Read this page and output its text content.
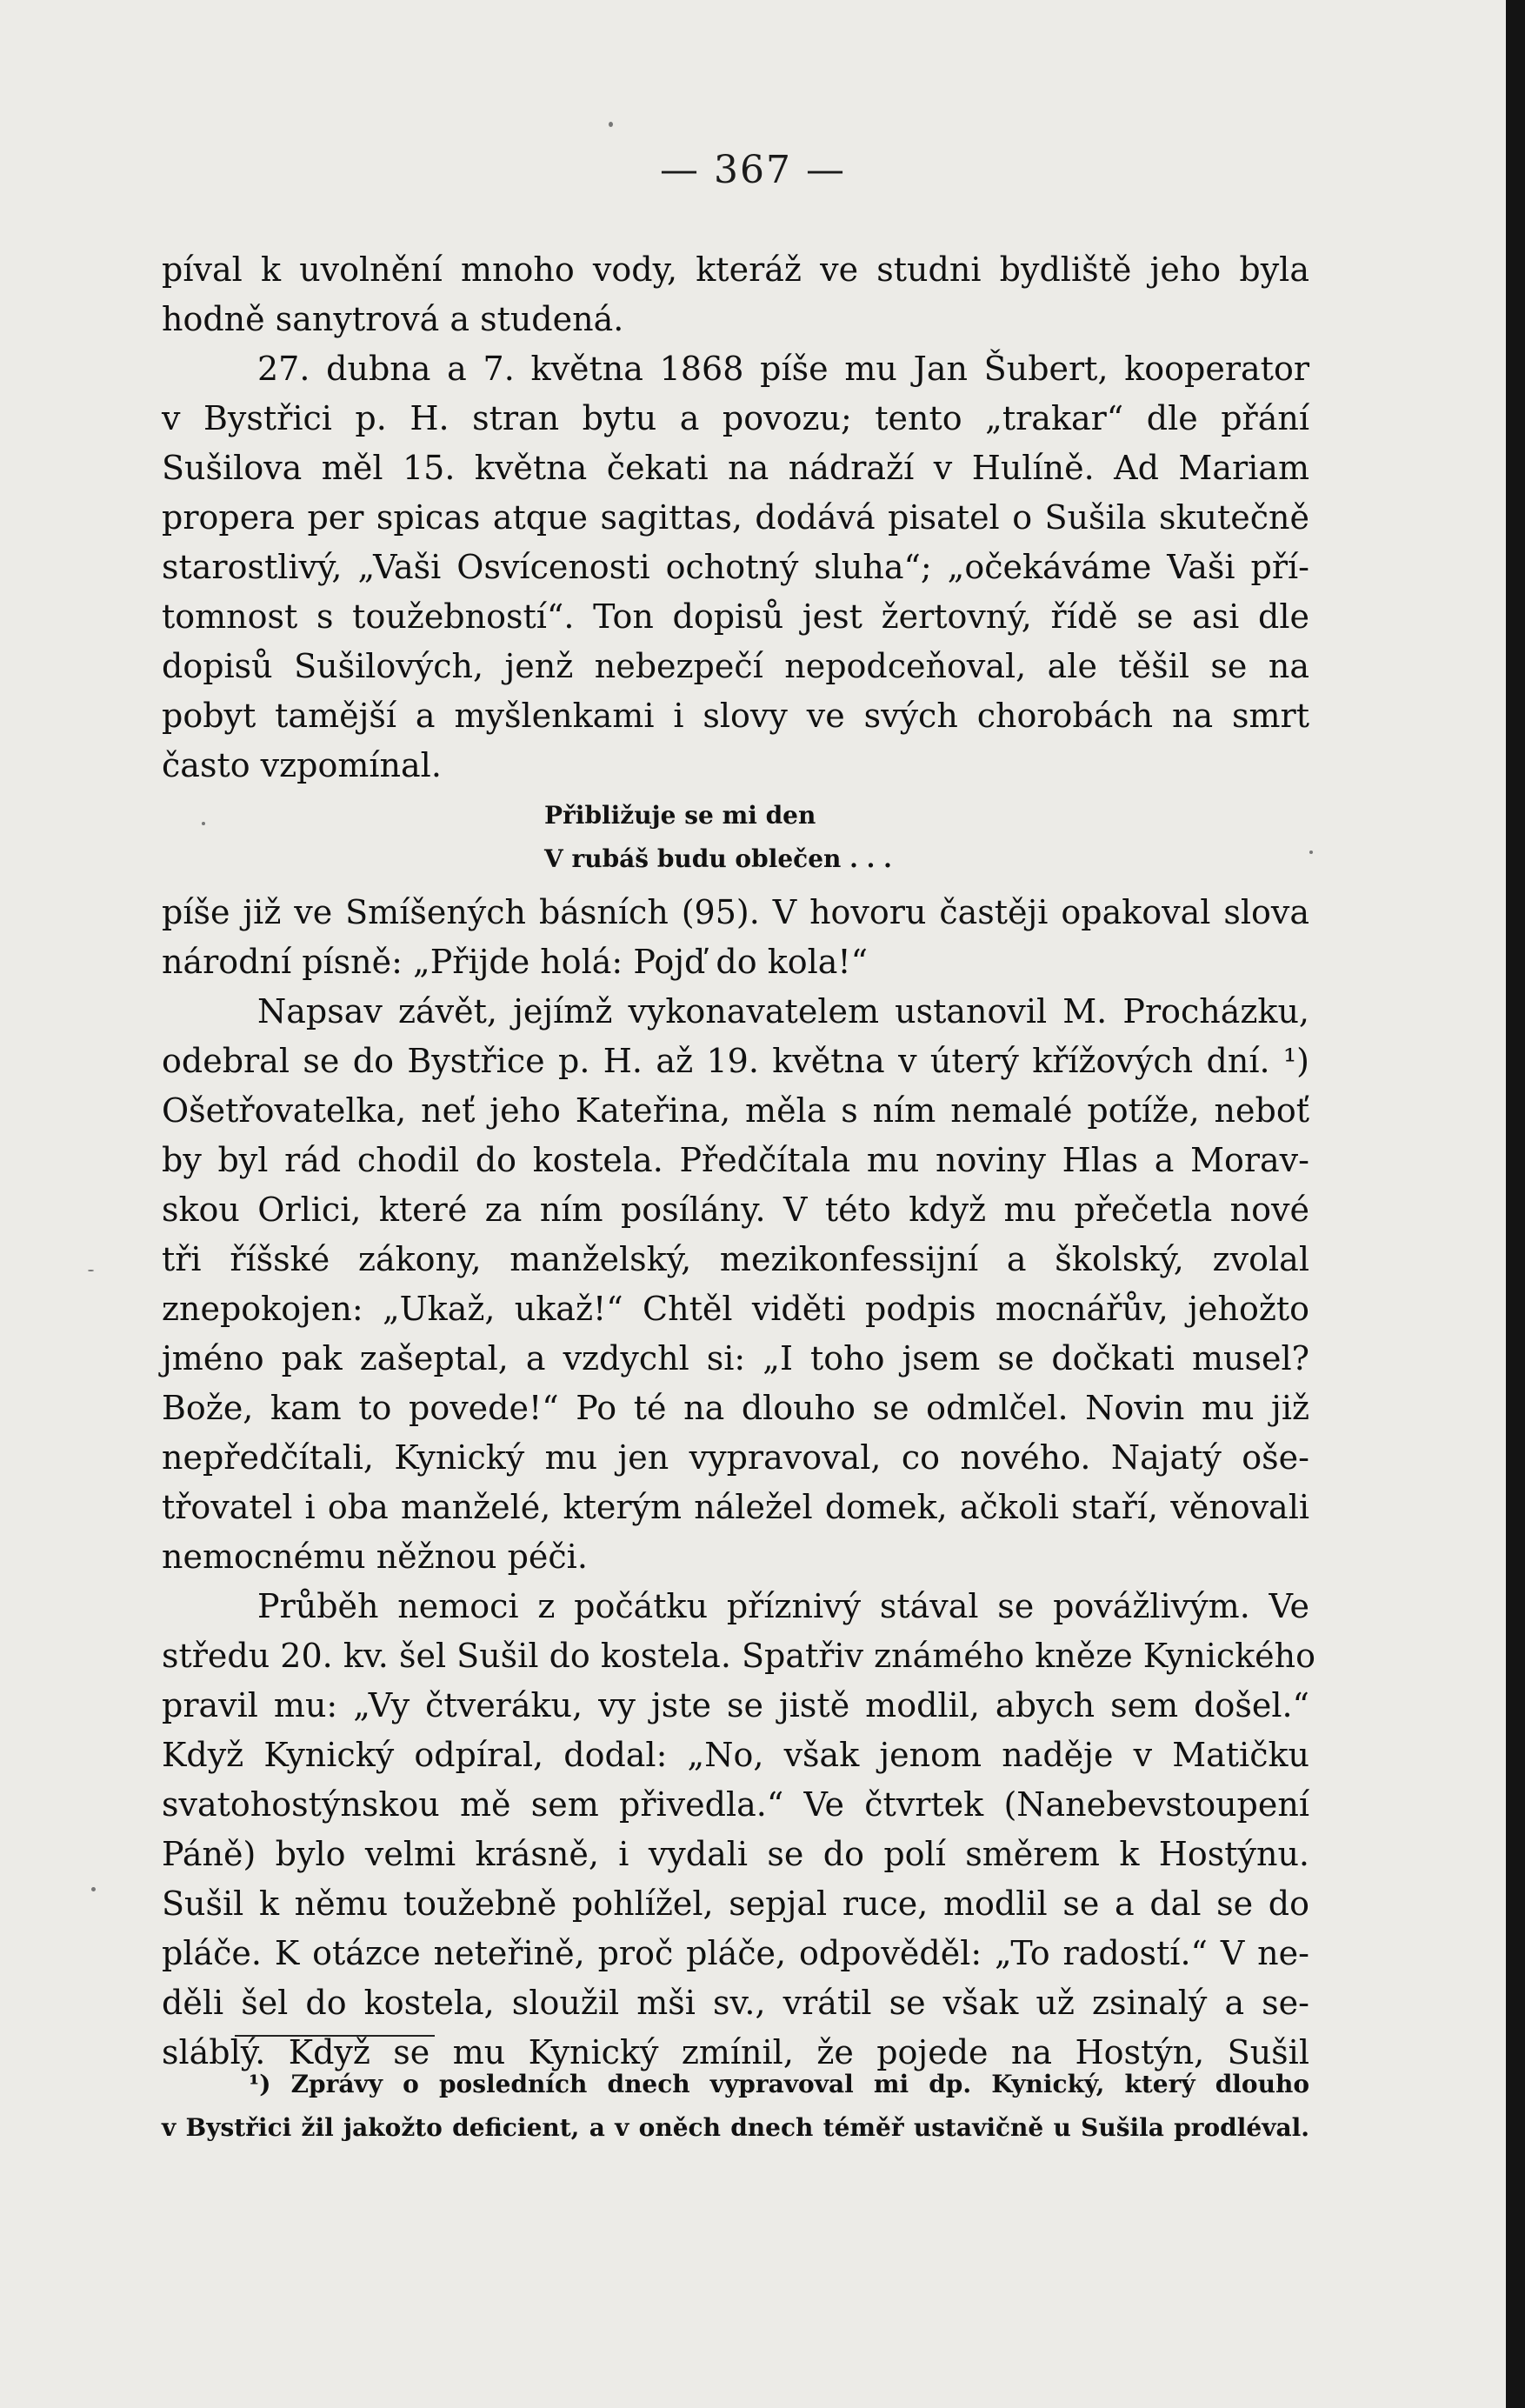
— 367 —
píval k uvolnění mnoho vody, kteráž ve studni bydliště jeho byla
hodně sanytrová a studená.
27. dubna a 7. května 1868 píše mu Jan Šubert, kooperator
v Bystřici p. H. stran bytu a povozu; tento „trakar“ dle přání
Sušilova měl 15. května čekati na nádraží v Hulíně. Ad Mariam
propera per spicas atque sagittas, dodává pisatel o Sušila skutečně
starostlivý, „Vaši Osvícenosti ochotný sluha“; „očekáváme Vaši pří-
tomnost s toužebností“. Ton dopisů jest žertovný, řídě se asi dle
dopisů Sušilových, jenž nebezpečí nepodceňoval, ale těšil se na
pobyt tamější a myšlenkami i slovy ve svých chorobách na smrt
často vzpomínal.
Přibližuje se mi den
V rubáš budu oblečen . . .
píše již ve Smíšených básních (95). V hovoru častěji opakoval slova
národní písně: „Přijde holá: Pojď do kola!“
Napsav závět, jejímž vykonavatelem ustanovil M. Procházku,
odebral se do Bystřice p. H. až 19. května v úterý křížových dní. ¹)
Ošetřovatelka, neť jeho Kateřina, měla s ním nemalé potíže, neboť
by byl rád chodil do kostela. Předčítala mu noviny Hlas a Morav-
skou Orlici, které za ním posílány. V této když mu přečetla nové
tři říšské zákony, manželský, mezikonfessijní a školský, zvolal
znepokojen: „Ukaž, ukaž!“ Chtěl viděti podpis mocnářův, jehožto
jméno pak zašeptal, a vzdychl si: „I toho jsem se dočkati musel?
Bože, kam to povede!“ Po té na dlouho se odmlčel. Novin mu již
nepředčítali, Kynický mu jen vypravoval, co nového. Najatý oše-
třovatel i oba manželé, kterým náležel domek, ačkoli staří, věnovali
nemocnému něžnou péči.
Průběh nemoci z počátku příznivý stával se povážlivým. Ve
středu 20. kv. šel Sušil do kostela. Spatřiv známého kněze Kynického
pravil mu: „Vy čtveráku, vy jste se jistě modlil, abych sem došel.“
Když Kynický odpíral, dodal: „No, však jenom naděje v Matičku
svatohostýnskou mě sem přivedla.“ Ve čtvrtek (Nanebevstoupení
Páně) bylo velmi krásně, i vydali se do polí směrem k Hostýnu.
Sušil k němu toužebně pohlížel, sepjal ruce, modlil se a dal se do
pláče. K otázce neteřině, proč pláče, odpověděl: „To radostí.“ V ne-
děli šel do kostela, sloužil mši sv., vrátil se však už zsinalý a se-
sláblý. Když se mu Kynický zmínil, že pojede na Hostýn, Sušil
¹) Zprávy o posledních dnech vypravoval mi dp. Kynický, který dlouho
v Bystřici žil jakožto deficient, a v oněch dnech téměř ustavičně u Sušila prodléval.
